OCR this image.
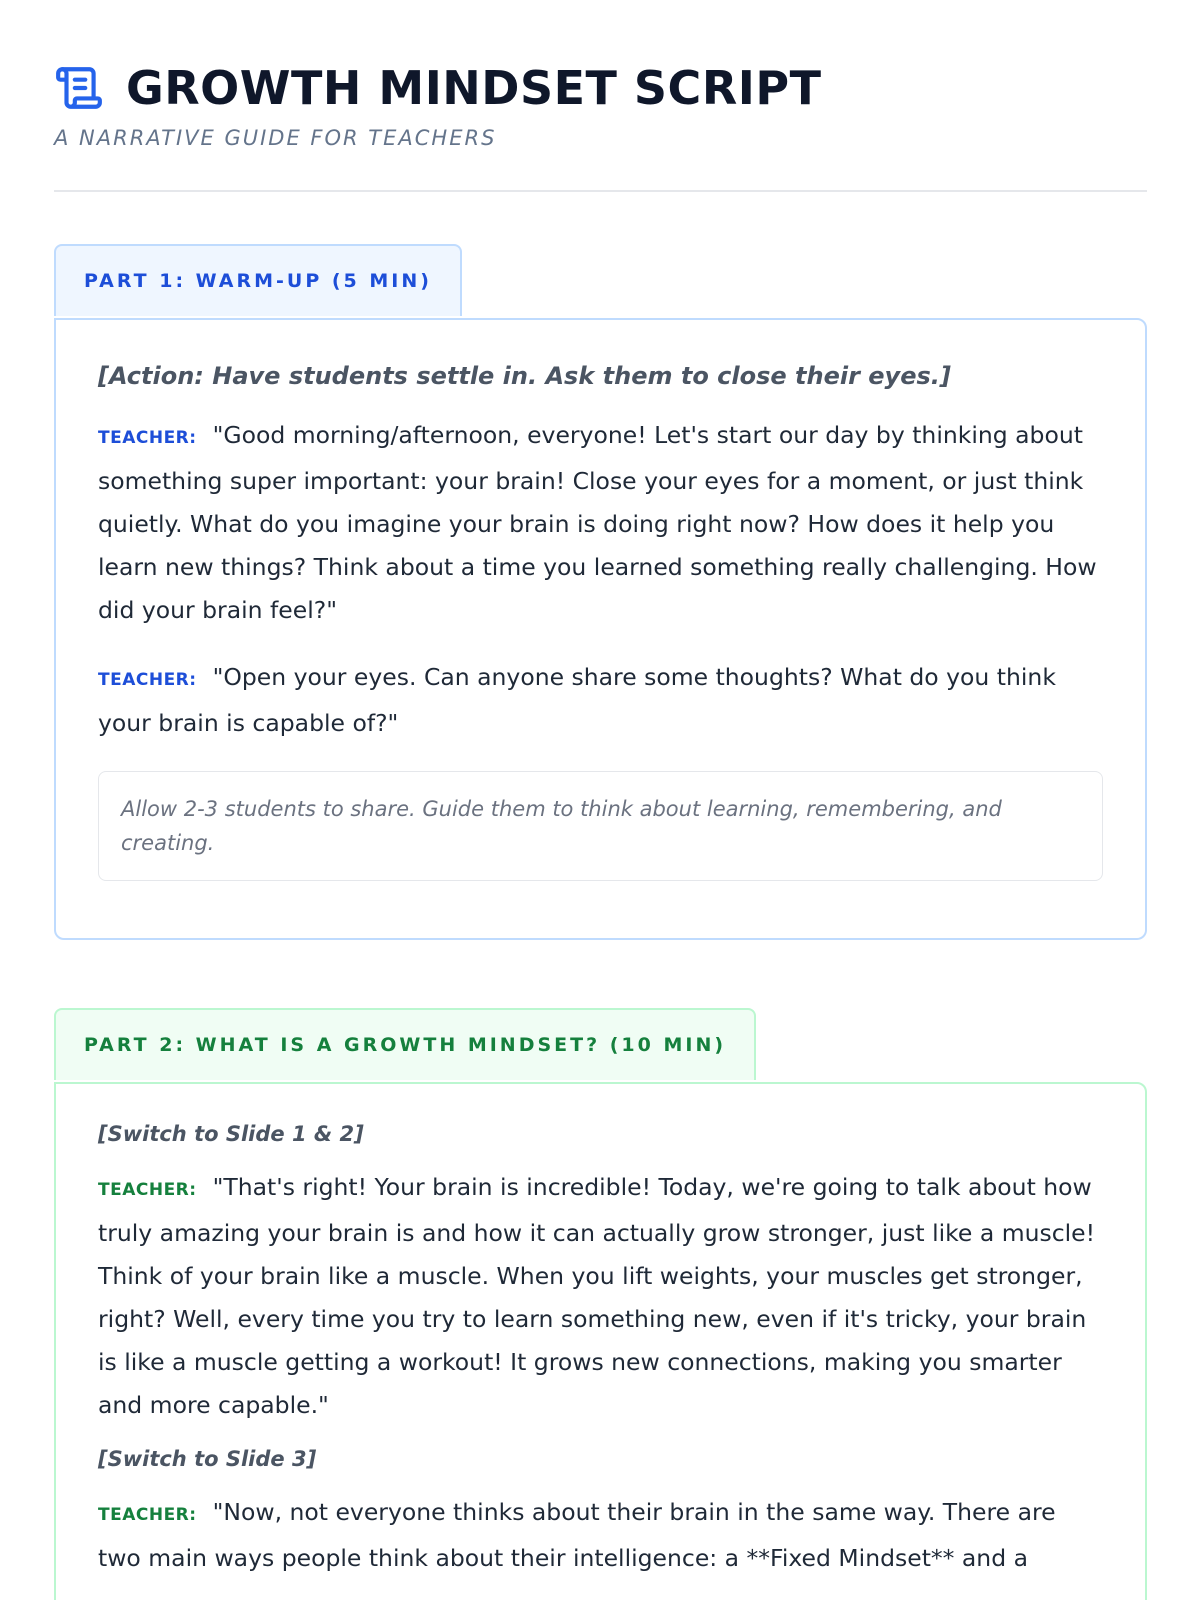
GROWTH MINDSET SCRIPT
A NARRATIVE GUIDE FOR TEACHERS
PART 1: WARM-UP (5 MIN)
[Action: Have students settle in. Ask them to close their eyes.]
TEACHER: "Good morning/afternoon, everyone! Let's start our day by thinking about something super important: your brain! Close your eyes for a moment, or just think quietly. What do you imagine your brain is doing right now? How does it help you learn new things? Think about a time you learned something really challenging. How did your brain feel?"
TEACHER: "Open your eyes. Can anyone share some thoughts? What do you think your brain is capable of?"
Allow 2-3 students to share. Guide them to think about learning, remembering, and creating.
PART 2: WHAT IS A GROWTH MINDSET? (10 MIN)
[Switch to Slide 1 & 2]
TEACHER: "That's right! Your brain is incredible! Today, we're going to talk about how truly amazing your brain is and how it can actually grow stronger, just like a muscle! Think of your brain like a muscle. When you lift weights, your muscles get stronger, right? Well, every time you try to learn something new, even if it's tricky, your brain is like a muscle getting a workout! It grows new connections, making you smarter and more capable."
[Switch to Slide 3]
TEACHER: "Now, not everyone thinks about their brain in the same way. There are two main ways people think about their intelligence: a **Fixed Mindset** and a
